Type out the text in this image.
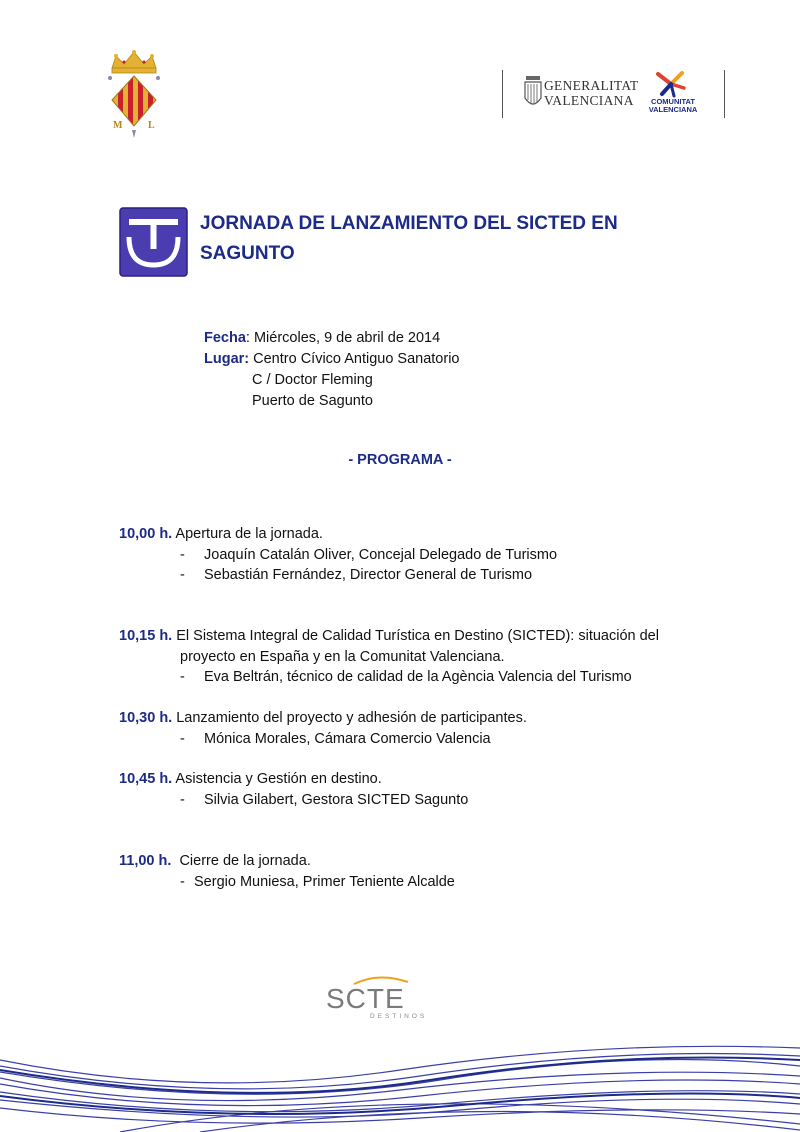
M	L
GENERALITAT
VALENCIANA	COMUNITAT
VALENCIANA
JORNADA DE LANZAMIENTO DEL SICTED EN SAGUNTO
Fecha: Miércoles, 9 de abril de 2014
Lugar: Centro Cívico Antiguo Sanatorio
C / Doctor Fleming
Puerto de Sagunto
- PROGRAMA -
10,00 h. Apertura de la jornada.
- Joaquín Catalán Oliver, Concejal Delegado de Turismo
- Sebastián Fernández, Director General de Turismo
10,15 h. El Sistema Integral de Calidad Turística en Destino (SICTED): situación del
proyecto en España y en la Comunitat Valenciana.
- Eva Beltrán, técnico de calidad de la Agència Valencia del Turismo
10,30 h. Lanzamiento del proyecto y adhesión de participantes.
- Mónica Morales, Cámara Comercio Valencia
10,45 h. Asistencia y Gestión en destino.
- Silvia Gilabert, Gestora SICTED Sagunto
11,00 h.  Cierre de la jornada.
- Sergio Muniesa, Primer Teniente Alcalde
SCTE
DESTINOS
